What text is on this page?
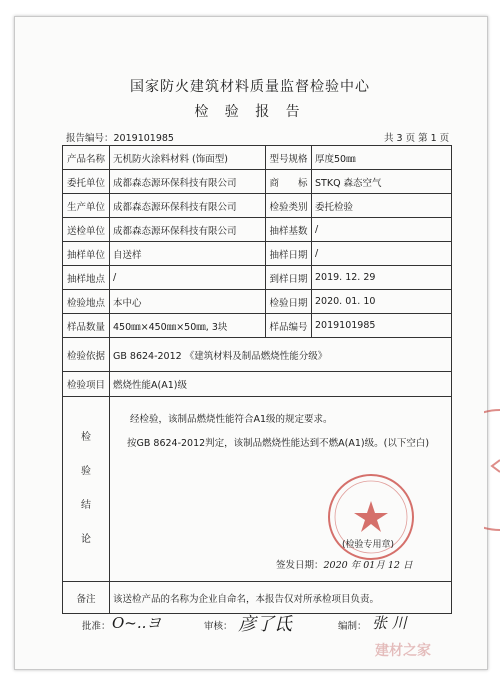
国家防火建筑材料质量监督检验中心
检 验 报 告
报告编号：2019101985	共 3 页 第 1 页
产品名称	无机防火涂料材料 (饰面型)	型号规格	厚度50㎜
委托单位	成都森态源环保科技有限公司	商　　标	STKQ 森态空气
生产单位	成都森态源环保科技有限公司	检验类别	委托检验
送检单位	成都森态源环保科技有限公司	抽样基数	/
抽样单位	自送样	抽样日期	/
抽样地点	/	到样日期	2019. 12. 29
检验地点	本中心	检验日期	2020. 01. 10
样品数量	450㎜×450㎜×50㎜, 3块	样品编号	2019101985
检验依据	GB 8624-2012 《建筑材料及制品燃烧性能分级》		
检验项目	燃烧性能A(A1)级		

检验结论	经检验，该制品燃烧性能符合A1级的规定要求。
按GB 8624-2012判定，该制品燃烧性能达到不燃A(A1)级。(以下空白)
(检验专用章)
签发日期：2020 年 01月 12 日		

备注	该送检产品的名称为企业自命名，本报告仅对所承检项目负责。		
批准： O~..ヨ	审核： 彦了氐	编制： 张 川
建材之家
